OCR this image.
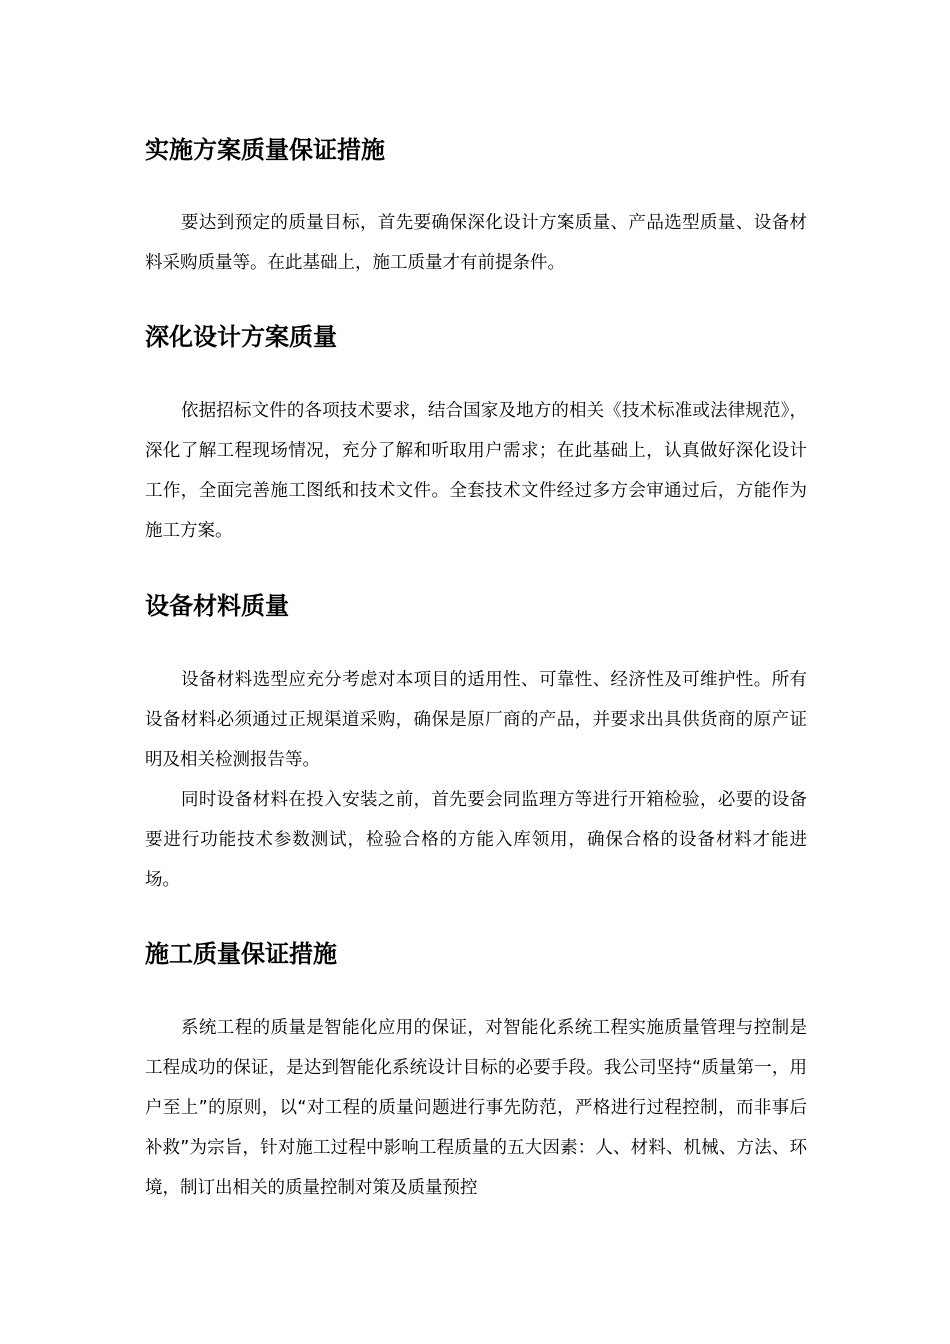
实施方案质量保证措施

要达到预定的质量目标，首先要确保深化设计方案质量、产品选型质量、设备材料采购质量等。在此基础上，施工质量才有前提条件。

深化设计方案质量

依据招标文件的各项技术要求，结合国家及地方的相关《技术标准或法律规范》，深化了解工程现场情况，充分了解和听取用户需求；在此基础上，认真做好深化设计工作，全面完善施工图纸和技术文件。全套技术文件经过多方会审通过后，方能作为施工方案。

设备材料质量

设备材料选型应充分考虑对本项目的适用性、可靠性、经济性及可维护性。所有设备材料必须通过正规渠道采购，确保是原厂商的产品，并要求出具供货商的原产证明及相关检测报告等。

同时设备材料在投入安装之前，首先要会同监理方等进行开箱检验，必要的设备要进行功能技术参数测试，检验合格的方能入库领用，确保合格的设备材料才能进场。

施工质量保证措施

系统工程的质量是智能化应用的保证，对智能化系统工程实施质量管理与控制是工程成功的保证，是达到智能化系统设计目标的必要手段。我公司坚持“质量第一，用户至上”的原则，以“对工程的质量问题进行事先防范，严格进行过程控制，而非事后补救”为宗旨，针对施工过程中影响工程质量的五大因素：人、材料、机械、方法、环境，制订出相关的质量控制对策及质量预控
